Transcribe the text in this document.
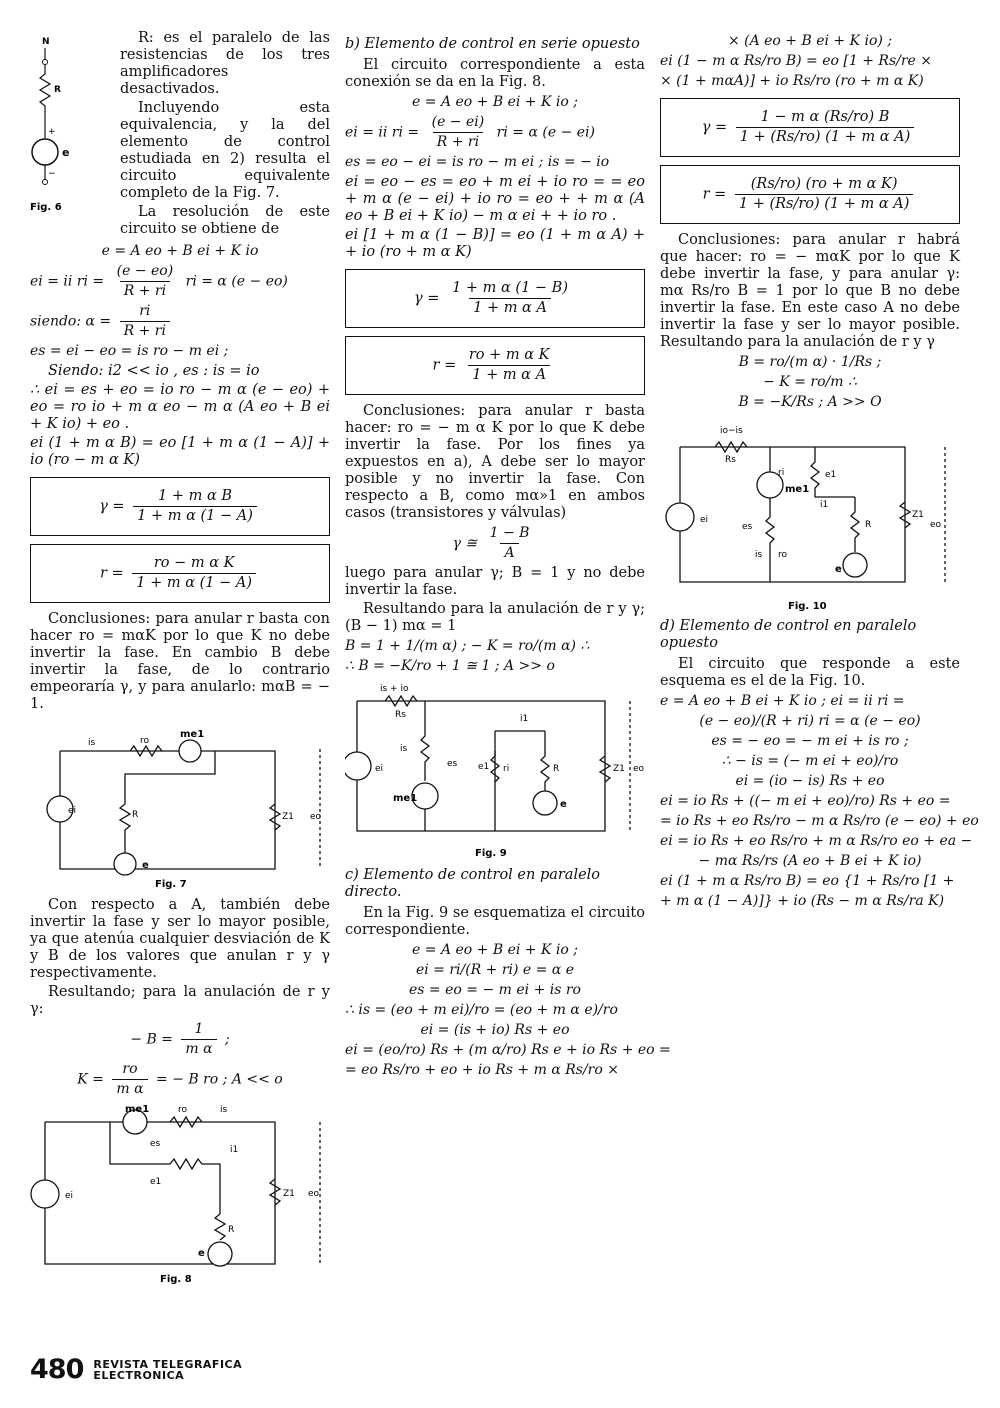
N
R
+
e
−
Fig. 6

R: es el paralelo de las resistencias de los tres amplificadores desactivados.

Incluyendo esta equivalencia, y la del elemento de control estudiada en 2) resulta el circuito equivalente completo de la Fig. 7.

La resolución de este circuito se obtiene de

e = A eo + B ei + K io
ei = ii ri = $\frac{(e - eo)}{R + ri}$ ri = α (e − eo)
siendo: $\alpha = \frac{ri}{R + ri}$
es = ei − eo = is ro − m ei ;
Siendo: i2 << io , es : is = io
∴ ei = es + eo = io ro − m α (e − eo) + eo = ro io + m α eo − m α (A eo + B ei + K io) + eo .
ei (1 + m α B) = eo [1 + m α (1 − A)] + io (ro − m α K)
$\gamma = \frac{\text{1 + m α B}}{\text{1 + m α (1 − A)}}$
$r = \frac{\text{ro − m α K}}{\text{1 + m α (1 − A)}}$

Conclusiones: para anular r basta con hacer ro = mαK por lo que K no debe invertir la fase. En cambio B debe invertir la fase, de lo contrario empeoraría γ, y para anularlo: mαB = − 1.

is	ro
me1
ei	R
e
Z1 eo
Fig. 7

Con respecto a A, también debe invertir la fase y ser lo mayor posible, ya que atenúa cualquier desviación de K y B de los valores que anulan r y γ respectivamente.

Resultando; para la anulación de r y γ:

− $B = \frac{1}{\text{m α}}$ ;
$K = \frac{ro}{\text{m α}}$ = − B ro ; A << o
me1	ro	is
es
e1
i1
R
e
ei	Z1 eo
Fig. 8
b) Elemento de control en serie opuesto

El circuito correspondiente a esta conexión se da en la Fig. 8.

e = A eo + B ei + K io ;
ei = ii ri = $\frac{(e - ei)}{R + ri}$ ri = α (e − ei)
es = eo − ei = is ro − m ei ; is = − io
ei = eo − es = eo + m ei + io ro = = eo + m α (e − ei) + io ro = eo + + m α (A eo + B ei + K io) − m α ei + + io ro .
ei [1 + m α (1 − B)] = eo (1 + m α A) + + io (ro + m α K)
$\gamma = \frac{\text{1 + m α (1 − B)}}{\text{1 + m α A}}$
$r = \frac{\text{ro + m α K}}{\text{1 + m α A}}$

Conclusiones: para anular r basta hacer: ro = − m α K por lo que K debe invertir la fase. Por los fines ya expuestos en a), A debe ser lo mayor posible y no invertir la fase. Con respecto a B, como mα»1 en ambos casos (transistores y válvulas)

γ ≅ $\frac{1 - B}{A}$

luego para anular γ; B = 1 y no debe invertir la fase.

Resultando para la anulación de r y γ; (B − 1) mα = 1

B = 1 + 1/(m α) ; − K = ro/(m α) ∴
∴ B = −K/ro + 1 ≅ 1 ; A >> o
is + io
Rs
is
es
me1
i1
e1 ri	R
e
ei	Z1 eo
Fig. 9
c) Elemento de control en paralelo directo.

En la Fig. 9 se esquematiza el circuito correspondiente.

e = A eo + B ei + K io ;
ei = ri/(R + ri) e = α e
es = eo = − m ei + is ro
∴ is = (eo + m ei)/ro = (eo + m α e)/ro
ei = (is + io) Rs + eo
ei = (eo/ro) Rs + (m α/ro) Rs e + io Rs + eo =
= eo Rs/ro + eo + io Rs + m α Rs/ro ×
× (A eo + B ei + K io) ;
ei (1 − m α Rs/ro B) = eo [1 + Rs/re ×
× (1 + mαA)] + io Rs/ro (ro + m α K)
$\gamma = \frac{\text{1 − m α (Rs/ro) B}}{\text{1 + (Rs/ro) (1 + m α A)}}$
$r = \frac{\text{(Rs/ro) (ro + m α K)}}{\text{1 + (Rs/ro) (1 + m α A)}}$

Conclusiones: para anular r habrá que hacer: ro = − mαK por lo que K debe invertir la fase, y para anular γ: mα Rs/ro B = 1 por lo que B no debe invertir la fase. En este caso A no debe invertir la fase y ser lo mayor posible. Resultando para la anulación de r y γ

B = ro/(m α) · 1/Rs ;
− K = ro/m ∴
B = −K/Rs ; A >> O
io−is
Rs
ri
me1
e1
i1
R
e
es
is ro
ei	Z1
eo
Fig. 10
d) Elemento de control en paralelo opuesto

El circuito que responde a este esquema es el de la Fig. 10.

e = A eo + B ei + K io ; ei = ii ri =
(e − eo)/(R + ri) ri = α (e − eo)
es = − eo = − m ei + is ro ;
∴ − is = (− m ei + eo)/ro
ei = (io − is) Rs + eo
ei = io Rs + ((− m ei + eo)/ro) Rs + eo =
= io Rs + eo Rs/ro − m α Rs/ro (e − eo) + eo
ei = io Rs + eo Rs/ro + m α Rs/ro eo + ea −
− mα Rs/rs (A eo + B ei + K io)
ei (1 + m α Rs/ro B) = eo {1 + Rs/ro [1 +
+ m α (1 − A)]} + io (Rs − m α Rs/ra K)
480 REVISTA TELEGRAFICA
ELECTRONICA
